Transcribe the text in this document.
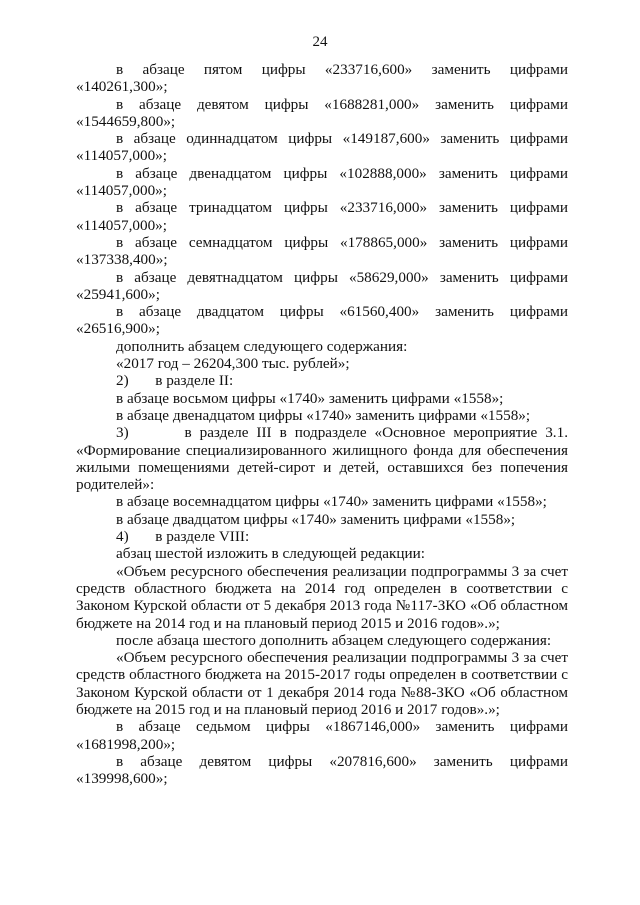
24

в абзаце пятом цифры «233716,600» заменить цифрами

«140261,300»;

в абзаце девятом цифры «1688281,000» заменить цифрами

«1544659,800»;

в абзаце одиннадцатом цифры «149187,600» заменить цифрами

«114057,000»;

в абзаце двенадцатом цифры «102888,000» заменить цифрами

«114057,000»;

в абзаце тринадцатом цифры «233716,000» заменить цифрами

«114057,000»;

в абзаце семнадцатом цифры «178865,000» заменить цифрами

«137338,400»;

в абзаце девятнадцатом цифры «58629,000» заменить цифрами

«25941,600»;

в абзаце двадцатом цифры «61560,400» заменить цифрами

«26516,900»;

дополнить абзацем следующего содержания:

«2017 год – 26204,300 тыс. рублей»;

2)       в разделе II:

в абзаце восьмом цифры «1740» заменить цифрами «1558»;

в абзаце двенадцатом цифры «1740» заменить цифрами «1558»;

3)       в разделе III в подразделе «Основное мероприятие 3.1. «Формирование специализированного жилищного фонда для обеспечения жилыми помещениями детей-сирот и детей, оставшихся без попечения родителей»:

в абзаце восемнадцатом цифры «1740» заменить цифрами «1558»;

в абзаце двадцатом цифры «1740» заменить цифрами «1558»;

4)       в разделе VIII:

абзац шестой изложить в следующей редакции:

«Объем ресурсного обеспечения реализации подпрограммы 3 за счет средств областного бюджета на 2014 год определен в соответствии с Законом Курской области от 5 декабря 2013 года №117-ЗКО «Об областном бюджете на 2014 год и на плановый период 2015 и 2016 годов».»;

после абзаца шестого дополнить абзацем следующего содержания:

«Объем ресурсного обеспечения реализации подпрограммы 3 за счет средств областного бюджета на 2015-2017 годы определен в соответствии с Законом Курской области от 1 декабря 2014 года №88-ЗКО «Об областном бюджете на 2015 год и на плановый период 2016 и 2017 годов».»;

в абзаце седьмом цифры «1867146,000» заменить цифрами

«1681998,200»;

в абзаце девятом цифры «207816,600» заменить цифрами

«139998,600»;
